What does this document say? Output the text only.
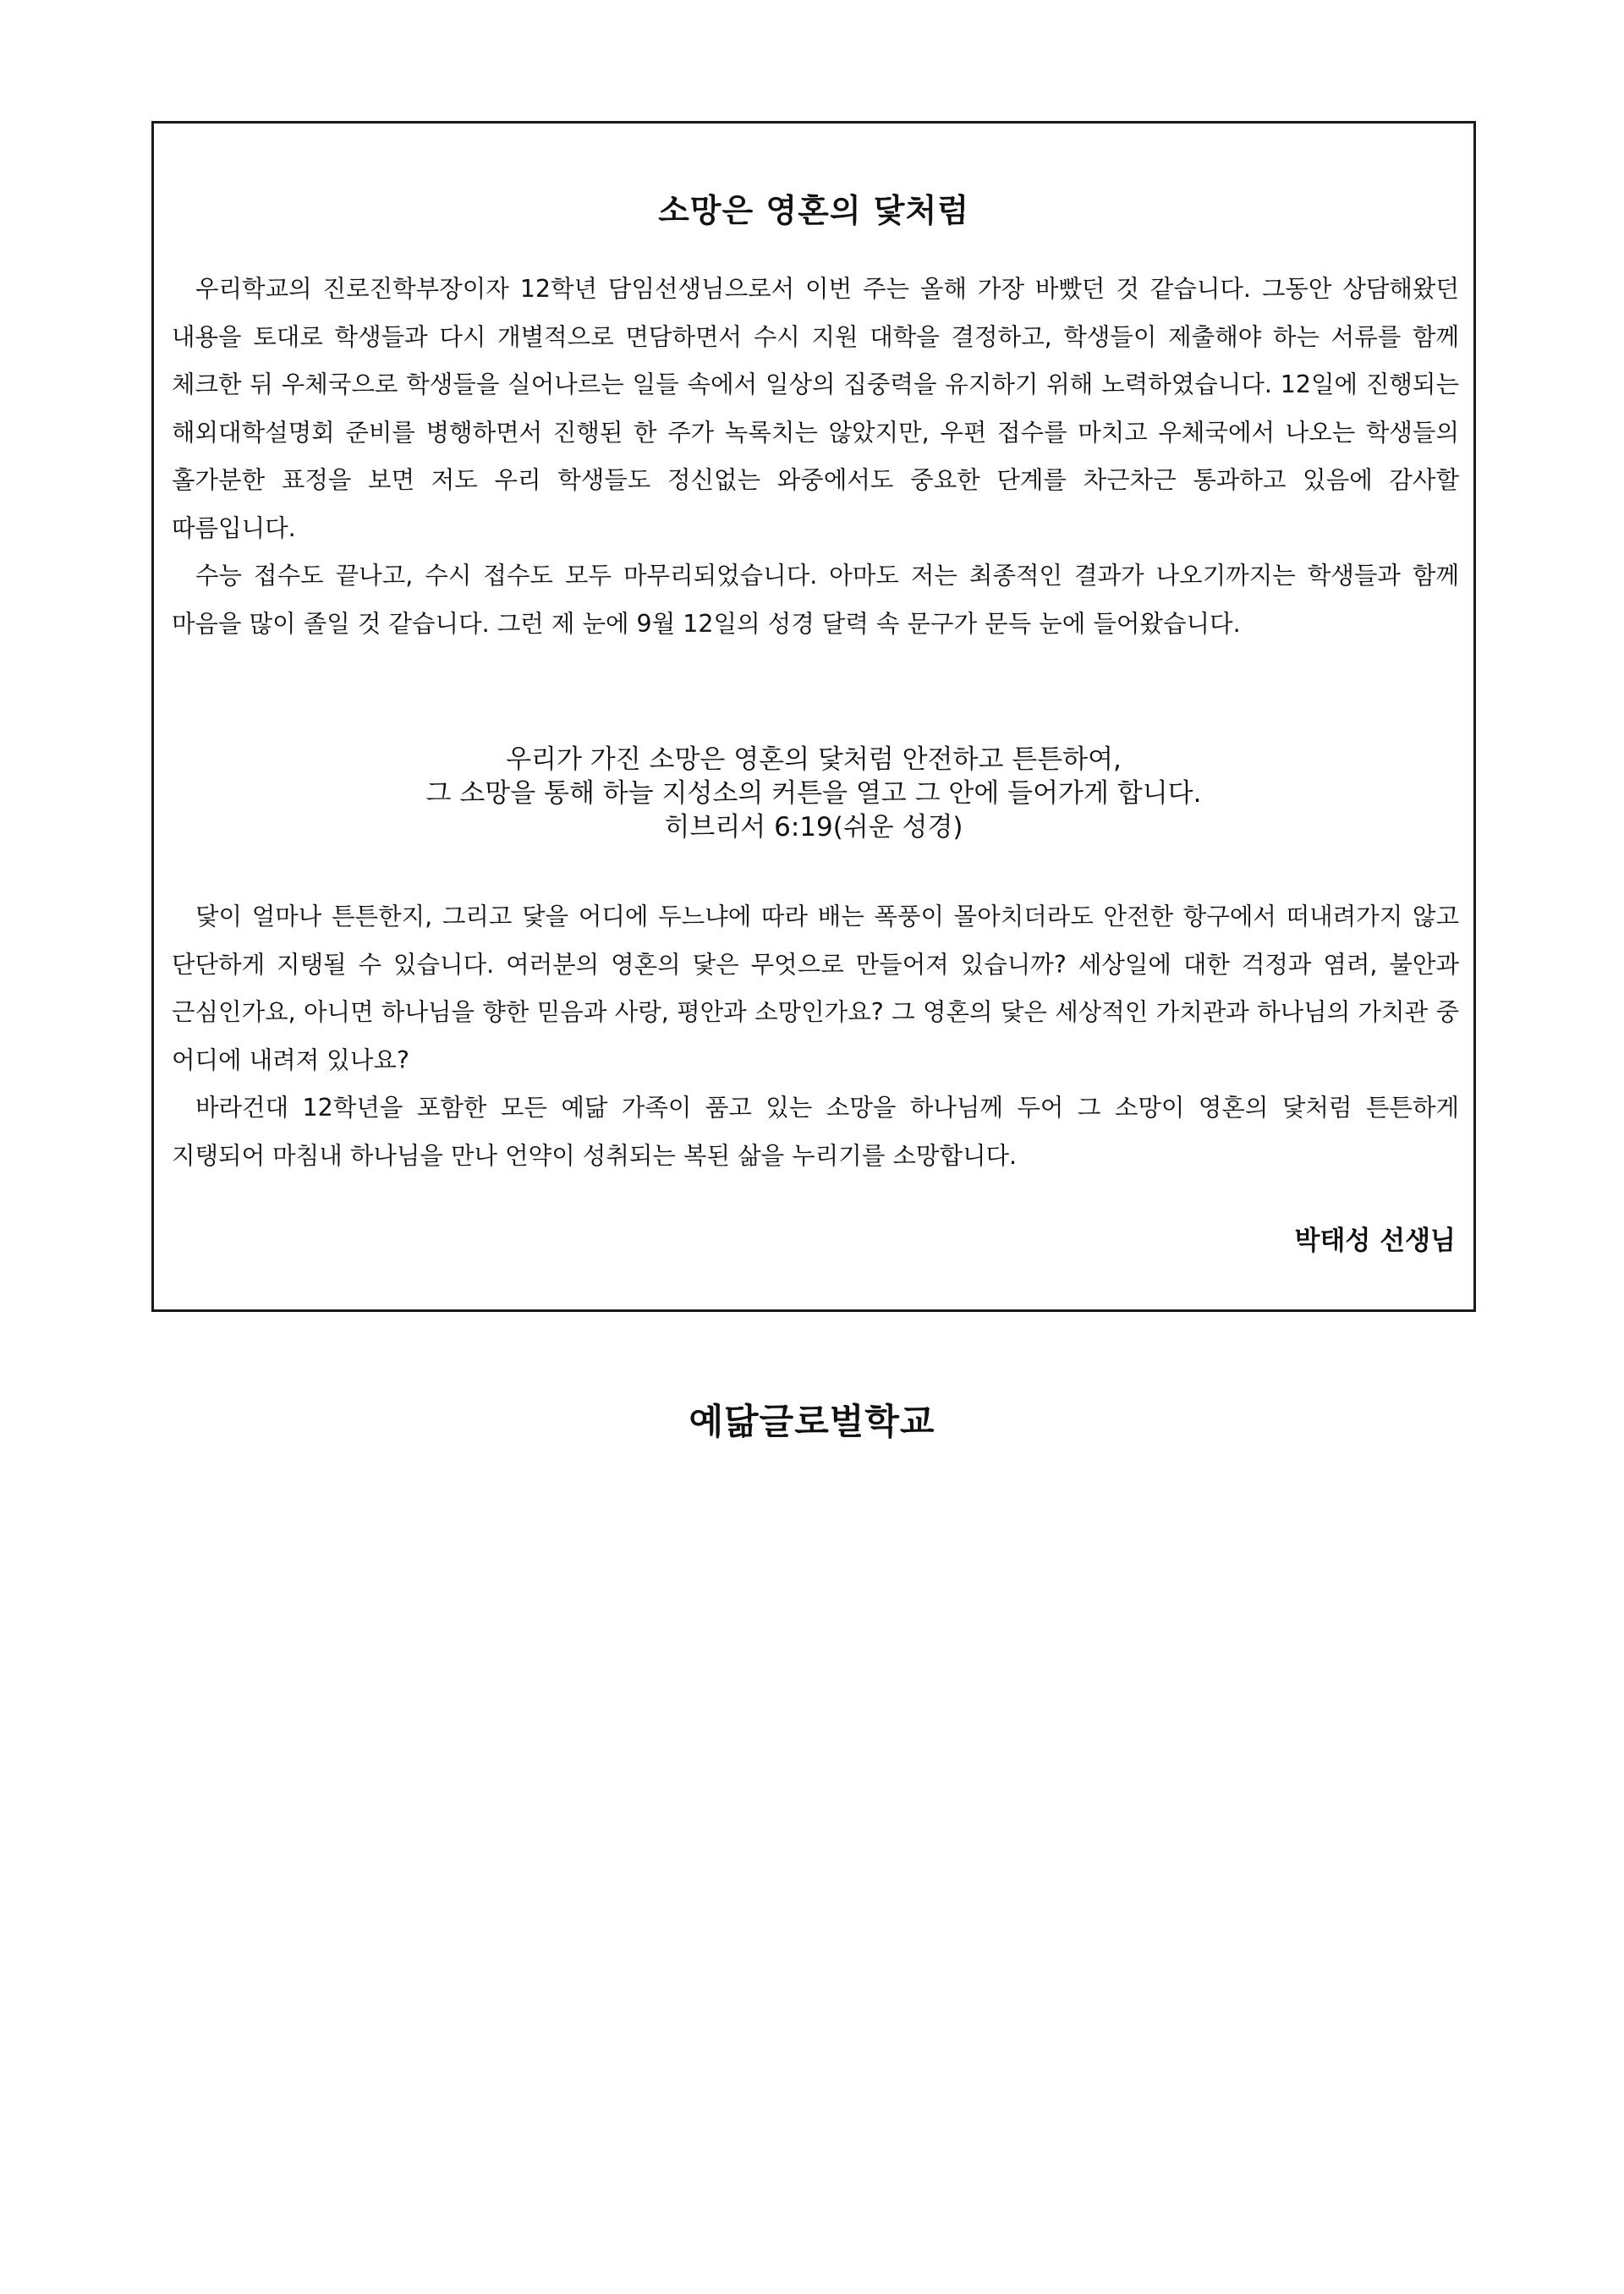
소망은 영혼의 닻처럼

우리학교의 진로진학부장이자 12학년 담임선생님으로서 이번 주는 올해 가장 바빴던 것 같습니다. 그동안 상담해왔던 내용을 토대로 학생들과 다시 개별적으로 면담하면서 수시 지원 대학을 결정하고, 학생들이 제출해야 하는 서류를 함께 체크한 뒤 우체국으로 학생들을 실어나르는 일들 속에서 일상의 집중력을 유지하기 위해 노력하였습니다. 12일에 진행되는 해외대학설명회 준비를 병행하면서 진행된 한 주가 녹록치는 않았지만, 우편 접수를 마치고 우체국에서 나오는 학생들의 홀가분한 표정을 보면 저도 우리 학생들도 정신없는 와중에서도 중요한 단계를 차근차근 통과하고 있음에 감사할 따름입니다.

수능 접수도 끝나고, 수시 접수도 모두 마무리되었습니다. 아마도 저는 최종적인 결과가 나오기까지는 학생들과 함께 마음을 많이 졸일 것 같습니다. 그런 제 눈에 9월 12일의 성경 달력 속 문구가 문득 눈에 들어왔습니다.

우리가 가진 소망은 영혼의 닻처럼 안전하고 튼튼하여,
그 소망을 통해 하늘 지성소의 커튼을 열고 그 안에 들어가게 합니다.
히브리서 6:19(쉬운 성경)

닻이 얼마나 튼튼한지, 그리고 닻을 어디에 두느냐에 따라 배는 폭풍이 몰아치더라도 안전한 항구에서 떠내려가지 않고 단단하게 지탱될 수 있습니다. 여러분의 영혼의 닻은 무엇으로 만들어져 있습니까? 세상일에 대한 걱정과 염려, 불안과 근심인가요, 아니면 하나님을 향한 믿음과 사랑, 평안과 소망인가요? 그 영혼의 닻은 세상적인 가치관과 하나님의 가치관 중 어디에 내려져 있나요?

바라건대 12학년을 포함한 모든 예닮 가족이 품고 있는 소망을 하나님께 두어 그 소망이 영혼의 닻처럼 튼튼하게 지탱되어 마침내 하나님을 만나 언약이 성취되는 복된 삶을 누리기를 소망합니다.

박태성 선생님

예닮글로벌학교
